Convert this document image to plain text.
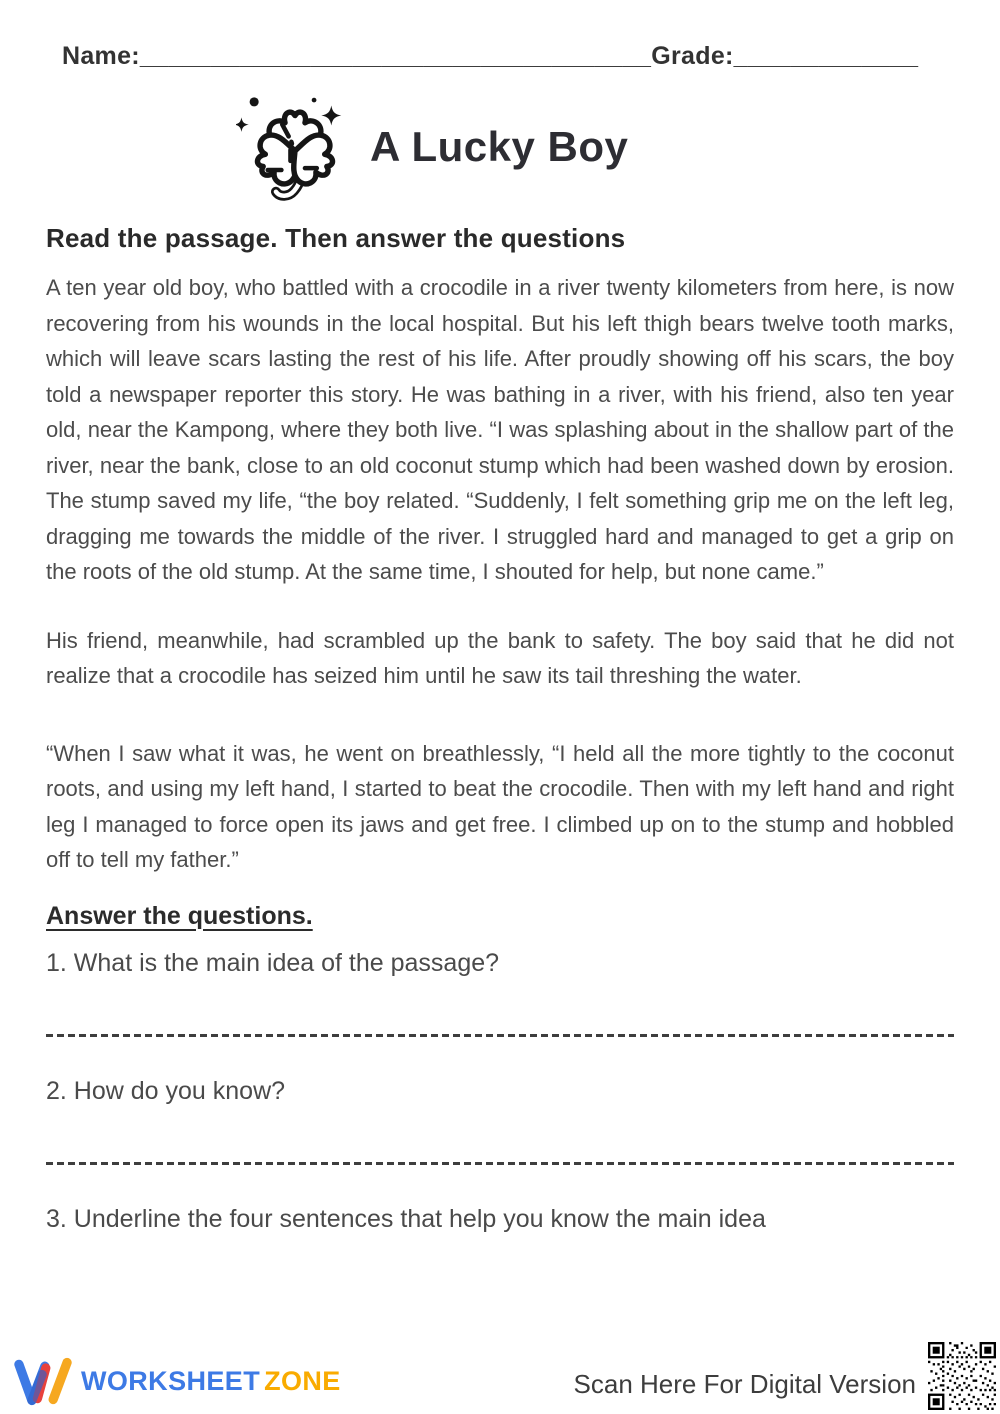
Name:____________________________________ Grade:_____________
A Lucky Boy
Read the passage. Then answer the questions

A ten year old boy, who battled with a crocodile in a river twenty kilometers from here, is now recovering from his wounds in the local hospital. But his left thigh bears twelve tooth marks, which will leave scars lasting the rest of his life. After proudly showing off his scars, the boy told a newspaper reporter this story. He was bathing in a river, with his friend, also ten year old, near the Kampong, where they both live. “I was splashing about in the shallow part of the river, near the bank, close to an old coconut stump which had been washed down by erosion. The stump saved my life, “the boy related. “Suddenly, I felt something grip me on the left leg, dragging me towards the middle of the river. I struggled hard and managed to get a grip on the roots of the old stump. At the same time, I shouted for help, but none came.”

His friend, meanwhile, had scrambled up the bank to safety. The boy said that he did not realize that a crocodile has seized him until he saw its tail threshing the water.

“When I saw what it was, he went on breathlessly, “I held all the more tightly to the coconut roots, and using my left hand, I started to beat the crocodile. Then with my left hand and right leg I managed to force open its jaws and get free. I climbed up on to the stump and hobbled off to tell my father.”

Answer the questions.

1. What is the main idea of the passage?

2. How do you know?

3. Underline the four sentences that help you know the main idea

WORKSHEET ZONE	Scan Here For Digital Version
